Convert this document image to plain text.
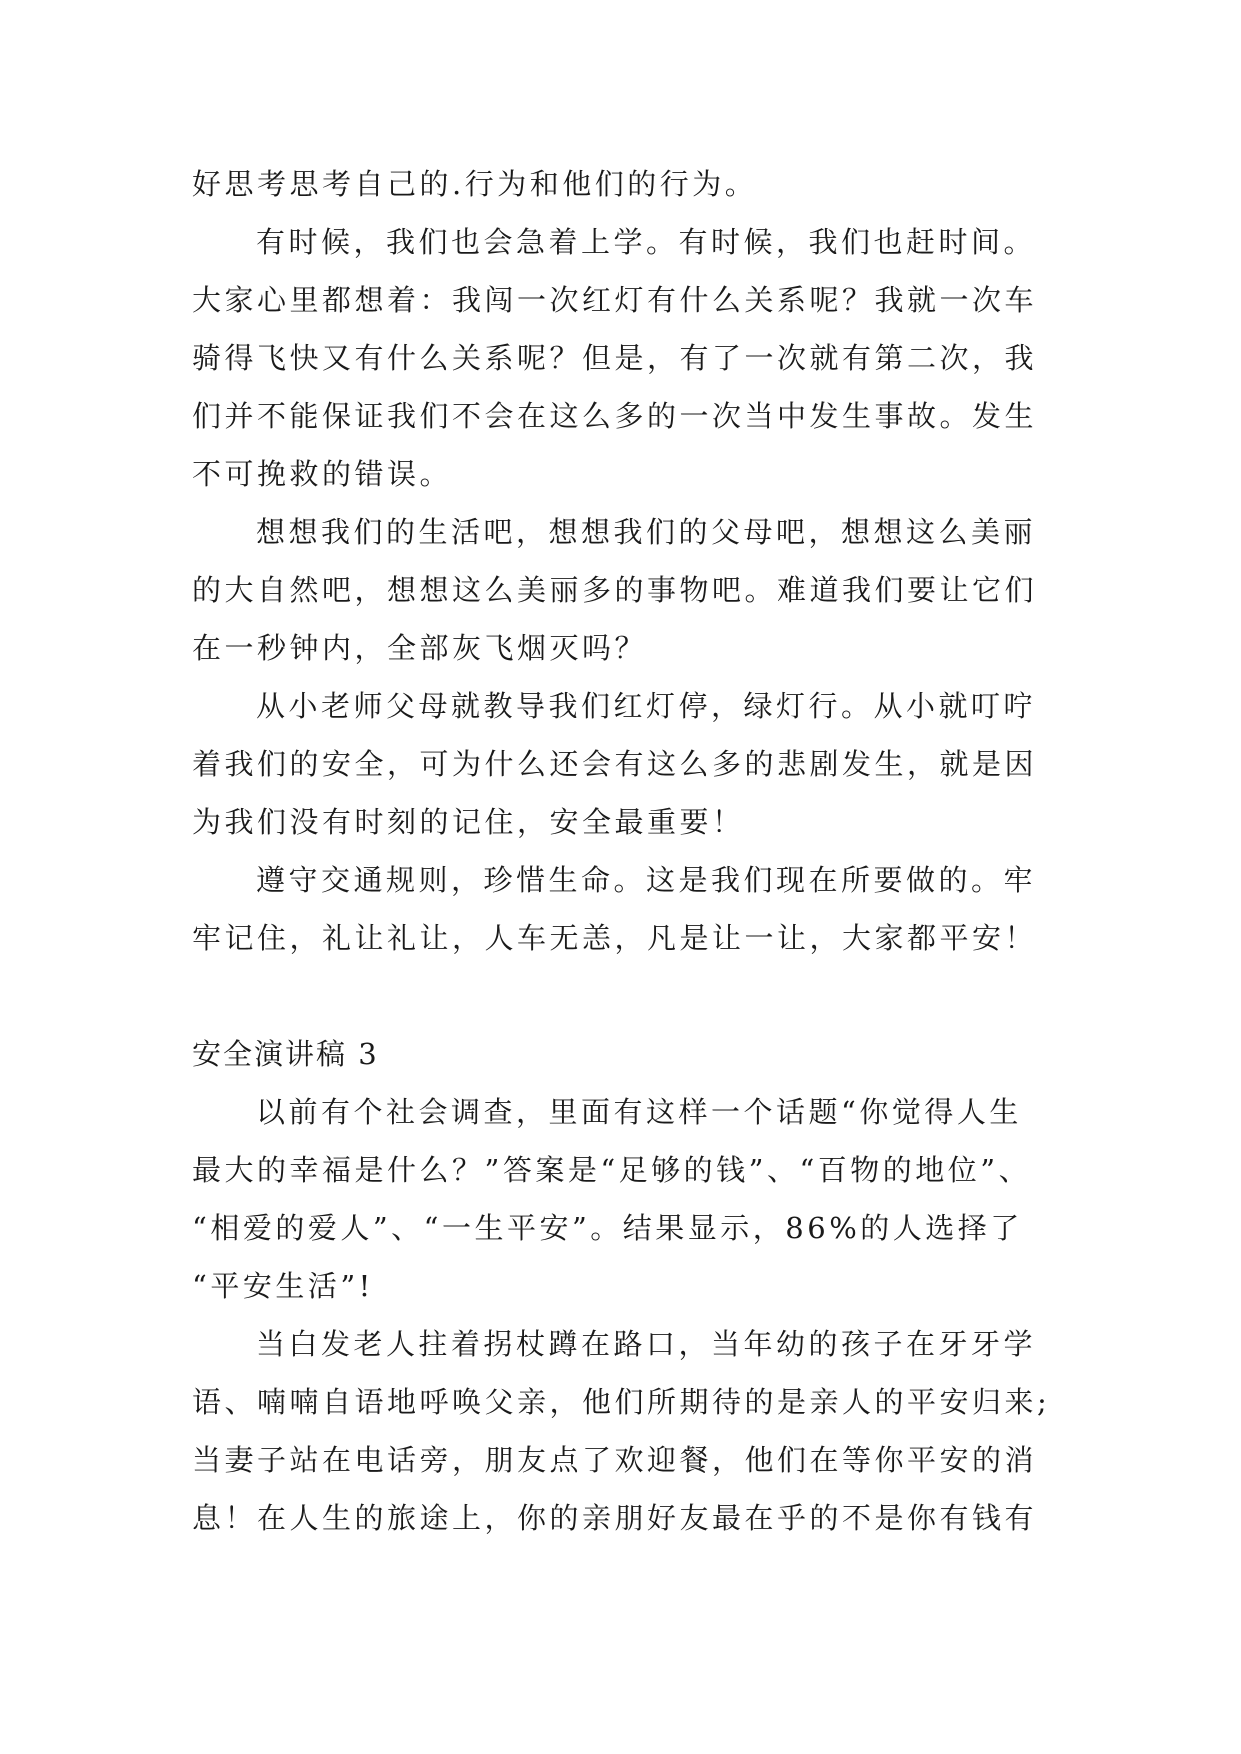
好思考思考自己的.行为和他们的行为。
有时候，我们也会急着上学。有时候，我们也赶时间。
大家心里都想着：我闯一次红灯有什么关系呢？我就一次车
骑得飞快又有什么关系呢？但是，有了一次就有第二次，我
们并不能保证我们不会在这么多的一次当中发生事故。发生
不可挽救的错误。
想想我们的生活吧，想想我们的父母吧，想想这么美丽
的大自然吧，想想这么美丽多的事物吧。难道我们要让它们
在一秒钟内，全部灰飞烟灭吗？
从小老师父母就教导我们红灯停，绿灯行。从小就叮咛
着我们的安全，可为什么还会有这么多的悲剧发生，就是因
为我们没有时刻的记住，安全最重要！
遵守交通规则，珍惜生命。这是我们现在所要做的。牢
牢记住，礼让礼让，人车无恙，凡是让一让，大家都平安！
安全演讲稿 3
以前有个社会调查，里面有这样一个话题“你觉得人生
最大的幸福是什么？”答案是“足够的钱”、“百物的地位”、
“相爱的爱人”、“一生平安”。结果显示，86%的人选择了
“平安生活”!
当白发老人拄着拐杖蹲在路口，当年幼的孩子在牙牙学
语、喃喃自语地呼唤父亲，他们所期待的是亲人的平安归来;
当妻子站在电话旁，朋友点了欢迎餐，他们在等你平安的消
息！在人生的旅途上，你的亲朋好友最在乎的不是你有钱有
